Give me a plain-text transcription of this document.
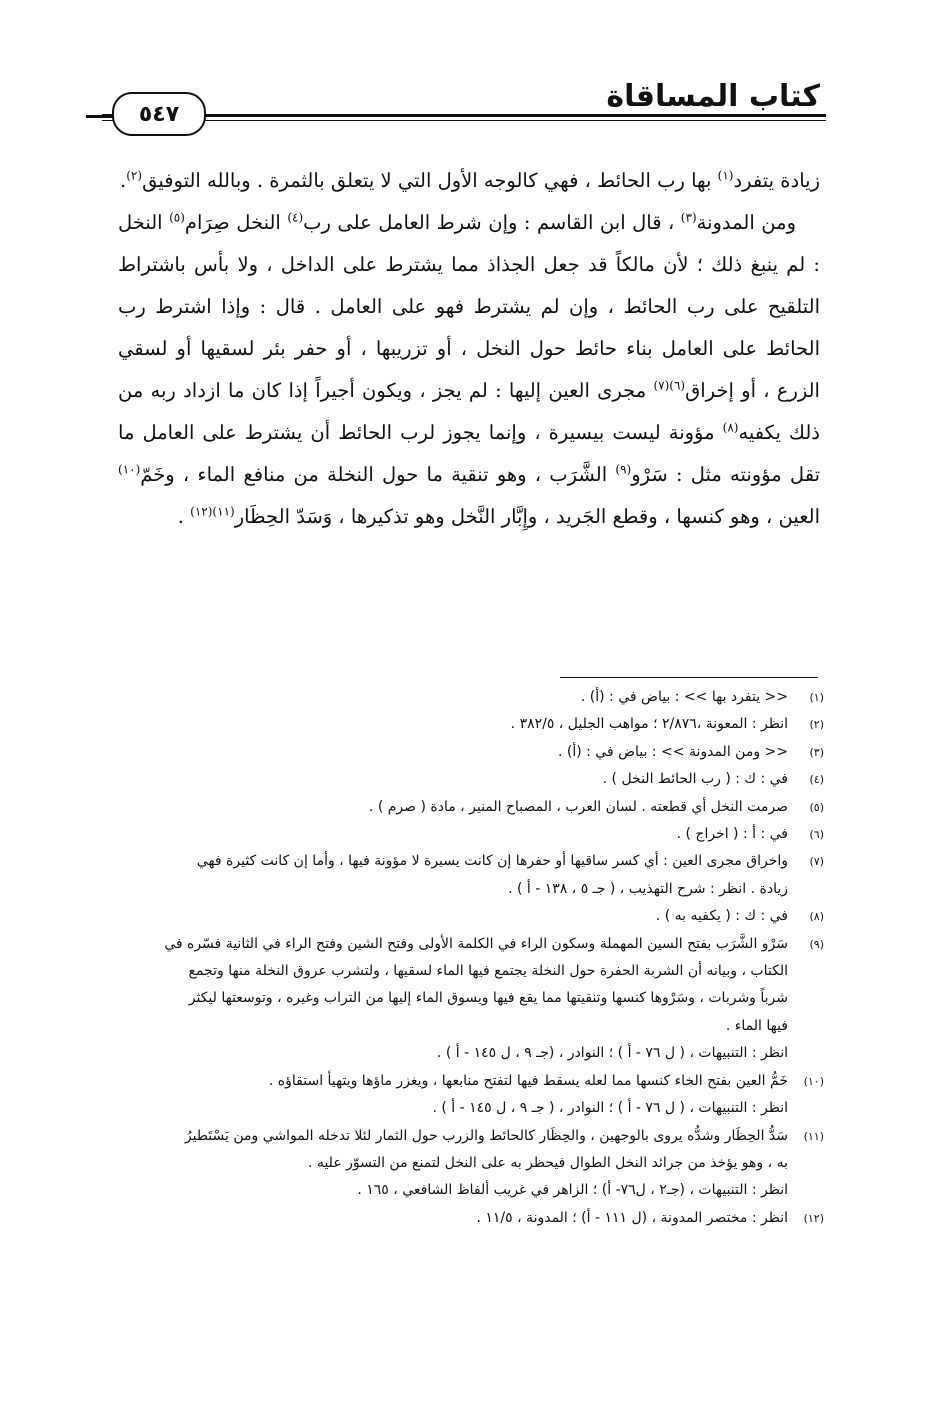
كتاب المساقاة
٥٤٧

زيادة يتفرد$^{(١)}$ بها رب الحائط ، فهي كالوجه الأول التي لا يتعلق بالثمرة . وبالله التوفيق$^{(٢)}$.

ومن المدونة$^{(٣)}$ ، قال ابن القاسم : وإن شرط العامل على رب$^{(٤)}$ النخل صِرَام$^{(٥)}$ النخل : لم ينبغ ذلك ؛ لأن مالكاً قد جعل الجذاذ مما يشترط على الداخل ، ولا بأس باشتراط التلقيح على رب الحائط ، وإن لم يشترط فهو على العامل . قال : وإذا اشترط رب الحائط على العامل بناء حائط حول النخل ، أو تزريبها ، أو حفر بئر لسقيها أو لسقي الزرع ، أو إخراق$^{(٦)(٧)}$ مجرى العين إليها : لم يجز ، ويكون أجيراً إذا كان ما ازداد ربه من ذلك يكفيه$^{(٨)}$ مؤونة ليست بيسيرة ، وإنما يجوز لرب الحائط أن يشترط على العامل ما تقل مؤونته مثل : سَرْو$^{(٩)}$ الشَّرَب ، وهو تنقية ما حول النخلة من منافع الماء ، وخَمّ$^{(١٠)}$ العين ، وهو كنسها ، وقطع الجَريد ، وإِبَّار النَّخل وهو تذكيرها ، وَسَدّ الحِظَار$^{(١١)(١٢)}$ .

(١)
<< يتفرد بها >> : بياض في : (أ) .
(٢)
انظر : المعونة ،٢/٨٧٦ ؛ مواهب الجليل ، ٣٨٢/٥ .
(٣)
<< ومن المدونة >> : بياض في : (أ) .
(٤)
في : ك : ( رب الحائط النخل ) .
(٥)
صرمت النخل أي قطعته . لسان العرب ، المصباح المنير ، مادة ( صرم ) .
(٦)
في : أ : ( اخراج ) .
(٧)
واخراق مجرى العين : أي كسر ساقيها أو حفرها إن كانت يسيرة لا مؤونة فيها ، وأما إن كانت كثيرة فهي
زيادة . انظر : شرح التهذيب ، ( جـ ٥ ، ١٣٨ - أ ) .
(٨)
في : ك : ( يكفيه به ) .
(٩)
سَرْو الشَّرَب بفتح السين المهملة وسكون الراء في الكلمة الأولى وفتح الشين وفتح الراء في الثانية فسّره في
الكتاب ، وبيانه أن الشربة الحفرة حول النخلة يجتمع فيها الماء لسقيها ، ولتشرب عروق النخلة منها وتجمع
شرباً وشربات ، وسَرْوها كنسها وتنقيتها مما يقع فيها ويسوق الماء إليها من التراب وغيره ، وتوسعتها ليكثر
فيها الماء .
انظر : التنبيهات ، ( ل ٧٦ - أ ) ؛ النوادر ، (جـ ٩ ، ل ١٤٥ - أ ) .
(١٠)
خَمُّ العين بفتح الخاء كنسها مما لعله يسقط فيها لتفتح منابعها ، ويغزر ماؤها ويتهيأ استقاؤه .
انظر : التنبيهات ، ( ل ٧٦ - أ ) ؛ النوادر ، ( جـ ٩ ، ل ١٤٥ - أ ) .
(١١)
سَدُّ الحِظَار وشدُّه يروى بالوجهين ، والحِظَار كالحائط والزرب حول الثمار لئلا تدخله المواشي ومن يَسْتَطيرُ
به ، وهو يؤخذ من جرائد النخل الطوال فيحظر به على النخل لتمنع من التسوّر عليه .
انظر : التنبيهات ، (جـ٢ ، ل٧٦- أ) ؛ الزاهر في غريب ألفاظ الشافعي ، ١٦٥ .
(١٢)
انظر : مختصر المدونة ، (ل ١١١ - أ) ؛ المدونة ، ١١/٥ .
